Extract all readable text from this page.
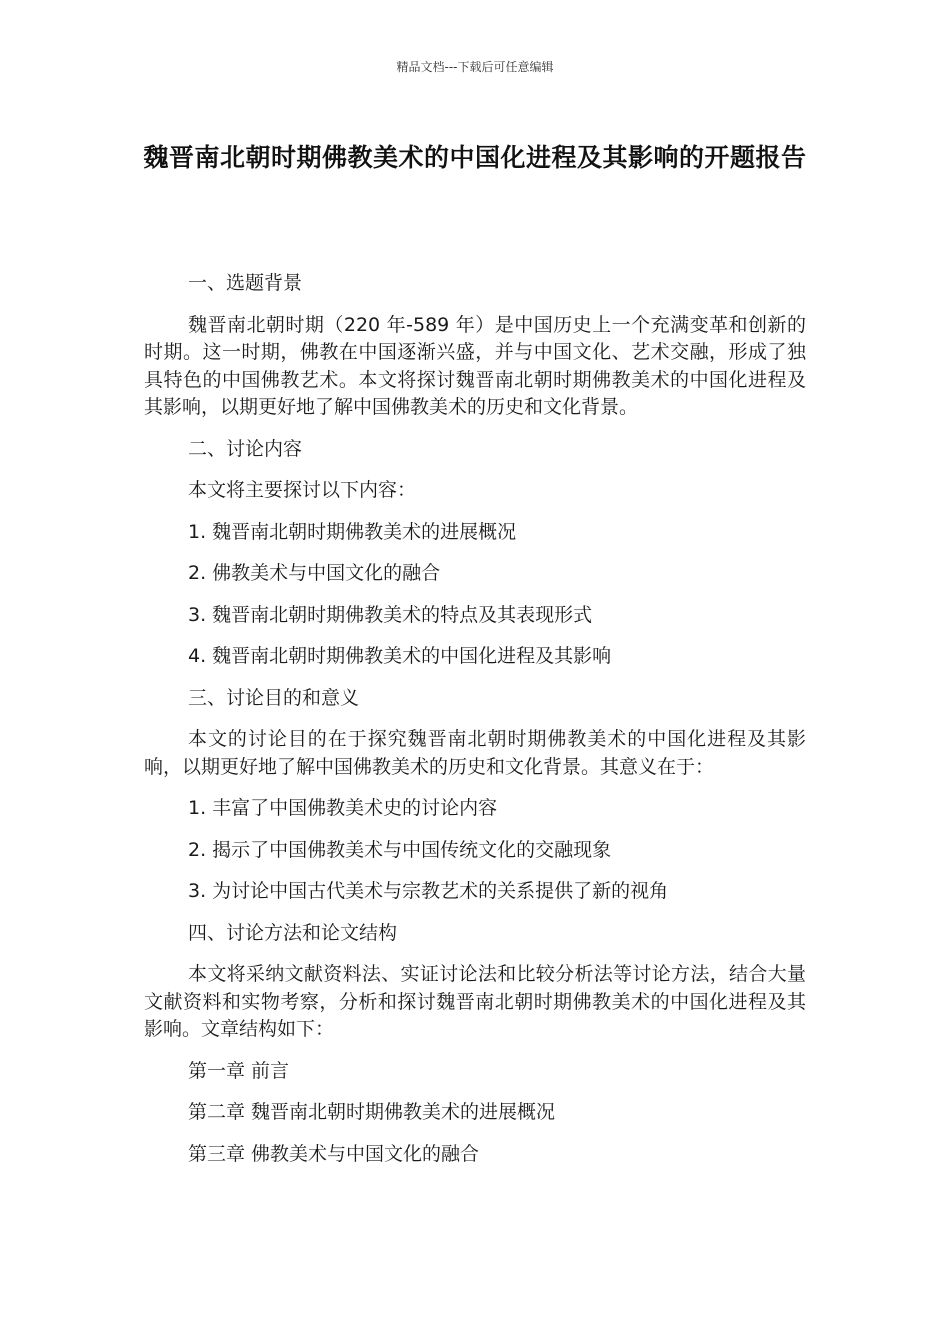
精品文档---下载后可任意编辑
魏晋南北朝时期佛教美术的中国化进程及其影响的开题报告

一、选题背景

魏晋南北朝时期（220 年-589 年）是中国历史上一个充满变革和创新的时期。这一时期，佛教在中国逐渐兴盛，并与中国文化、艺术交融，形成了独具特色的中国佛教艺术。本文将探讨魏晋南北朝时期佛教美术的中国化进程及其影响，以期更好地了解中国佛教美术的历史和文化背景。

二、讨论内容

本文将主要探讨以下内容：

1. 魏晋南北朝时期佛教美术的进展概况

2. 佛教美术与中国文化的融合

3. 魏晋南北朝时期佛教美术的特点及其表现形式

4. 魏晋南北朝时期佛教美术的中国化进程及其影响

三、讨论目的和意义

本文的讨论目的在于探究魏晋南北朝时期佛教美术的中国化进程及其影响，以期更好地了解中国佛教美术的历史和文化背景。其意义在于：

1. 丰富了中国佛教美术史的讨论内容

2. 揭示了中国佛教美术与中国传统文化的交融现象

3. 为讨论中国古代美术与宗教艺术的关系提供了新的视角

四、讨论方法和论文结构

本文将采纳文献资料法、实证讨论法和比较分析法等讨论方法，结合大量文献资料和实物考察，分析和探讨魏晋南北朝时期佛教美术的中国化进程及其影响。文章结构如下：

第一章 前言

第二章 魏晋南北朝时期佛教美术的进展概况

第三章 佛教美术与中国文化的融合
